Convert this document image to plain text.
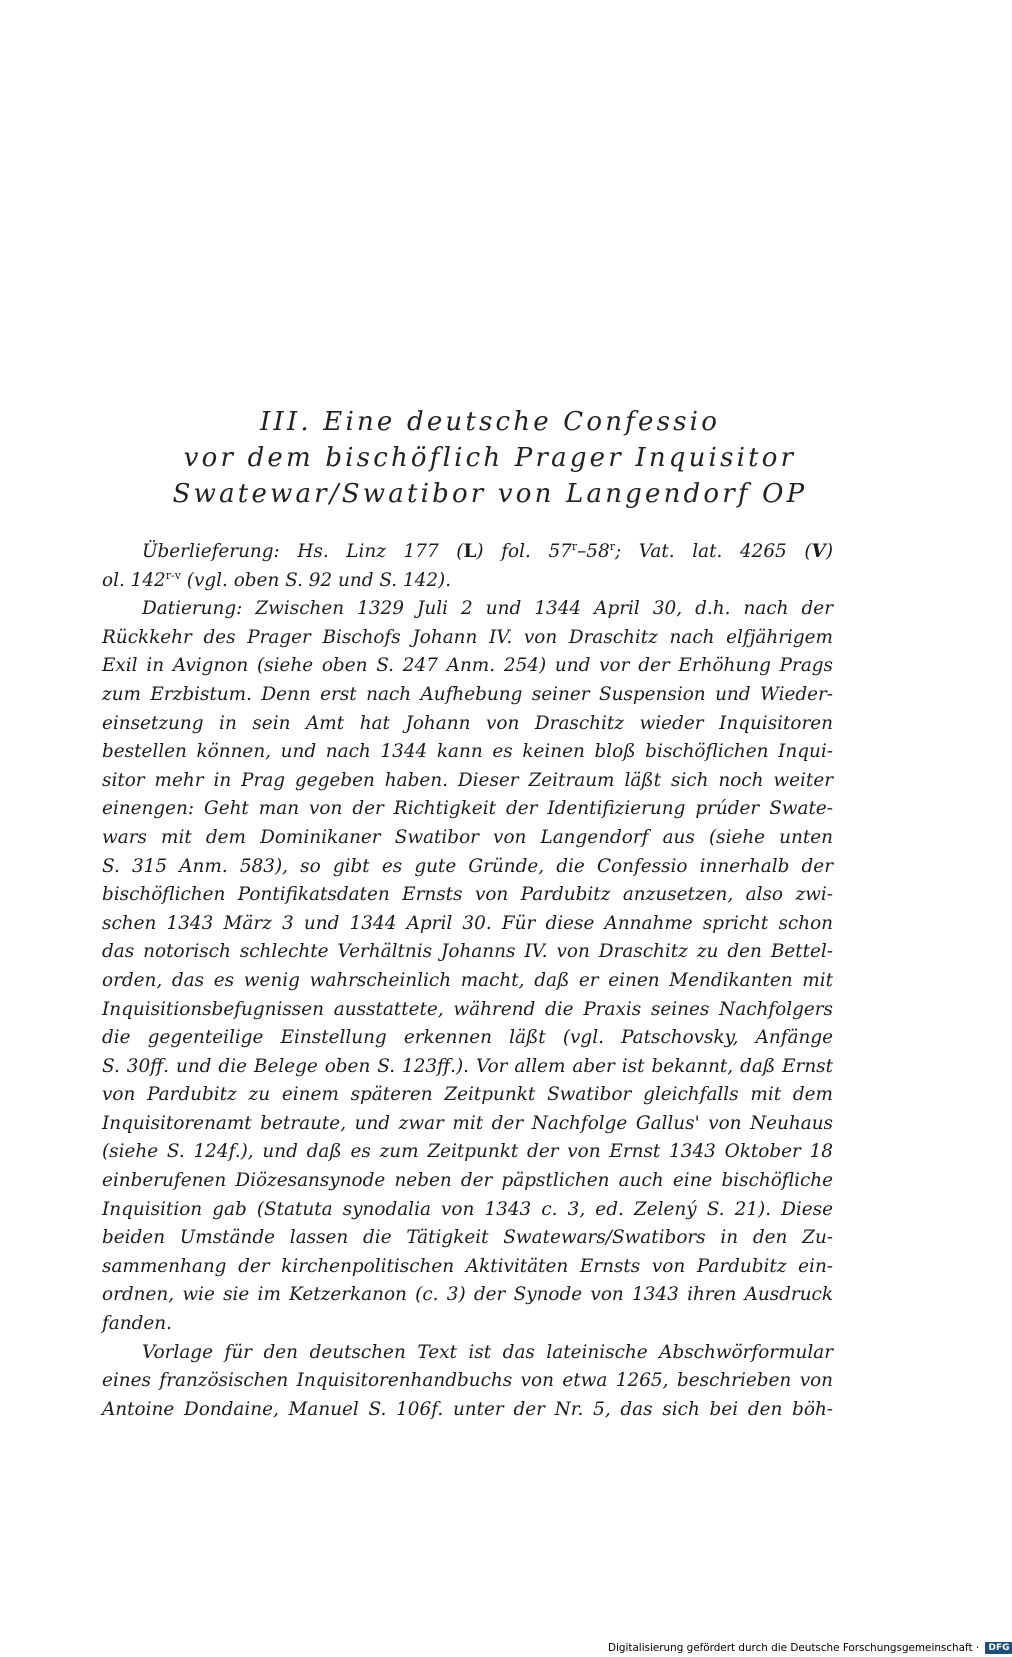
III. Eine deutsche Confessio
vor dem bischöflich Prager Inquisitor
Swatewar/Swatibor von Langendorf OP
Überlieferung: Hs. Linz 177 (L) fol. 57$^r$–58$^r$; Vat. lat. 4265 (V)
ol. 142$^{r-v}$ (vgl. oben S. 92 und S. 142).
Datierung: Zwischen 1329 Juli 2 und 1344 April 30, d.h. nach der
Rückkehr des Prager Bischofs Johann IV. von Draschitz nach elfjährigem
Exil in Avignon (siehe oben S. 247 Anm. 254) und vor der Erhöhung Prags
zum Erzbistum. Denn erst nach Aufhebung seiner Suspension und Wieder-
einsetzung in sein Amt hat Johann von Draschitz wieder Inquisitoren
bestellen können, und nach 1344 kann es keinen bloß bischöflichen Inqui-
sitor mehr in Prag gegeben haben. Dieser Zeitraum läßt sich noch weiter
einengen: Geht man von der Richtigkeit der Identifizierung prúder Swate-
wars mit dem Dominikaner Swatibor von Langendorf aus (siehe unten
S. 315 Anm. 583), so gibt es gute Gründe, die Confessio innerhalb der
bischöflichen Pontifikatsdaten Ernsts von Pardubitz anzusetzen, also zwi-
schen 1343 März 3 und 1344 April 30. Für diese Annahme spricht schon
das notorisch schlechte Verhältnis Johanns IV. von Draschitz zu den Bettel-
orden, das es wenig wahrscheinlich macht, daß er einen Mendikanten mit
Inquisitionsbefugnissen ausstattete, während die Praxis seines Nachfolgers
die gegenteilige Einstellung erkennen läßt (vgl. Patschovsky, Anfänge
S. 30ff. und die Belege oben S. 123ff.). Vor allem aber ist bekannt, daß Ernst
von Pardubitz zu einem späteren Zeitpunkt Swatibor gleichfalls mit dem
Inquisitorenamt betraute, und zwar mit der Nachfolge Gallus' von Neuhaus
(siehe S. 124f.), und daß es zum Zeitpunkt der von Ernst 1343 Oktober 18
einberufenen Diözesansynode neben der päpstlichen auch eine bischöfliche
Inquisition gab (Statuta synodalia von 1343 c. 3, ed. Zelený S. 21). Diese
beiden Umstände lassen die Tätigkeit Swatewars/Swatibors in den Zu-
sammenhang der kirchenpolitischen Aktivitäten Ernsts von Pardubitz ein-
ordnen, wie sie im Ketzerkanon (c. 3) der Synode von 1343 ihren Ausdruck
fanden.
Vorlage für den deutschen Text ist das lateinische Abschwörformular
eines französischen Inquisitorenhandbuchs von etwa 1265, beschrieben von
Antoine Dondaine, Manuel S. 106f. unter der Nr. 5, das sich bei den böh-
Digitalisierung gefördert durch die Deutsche Forschungsgemeinschaft · DFG
